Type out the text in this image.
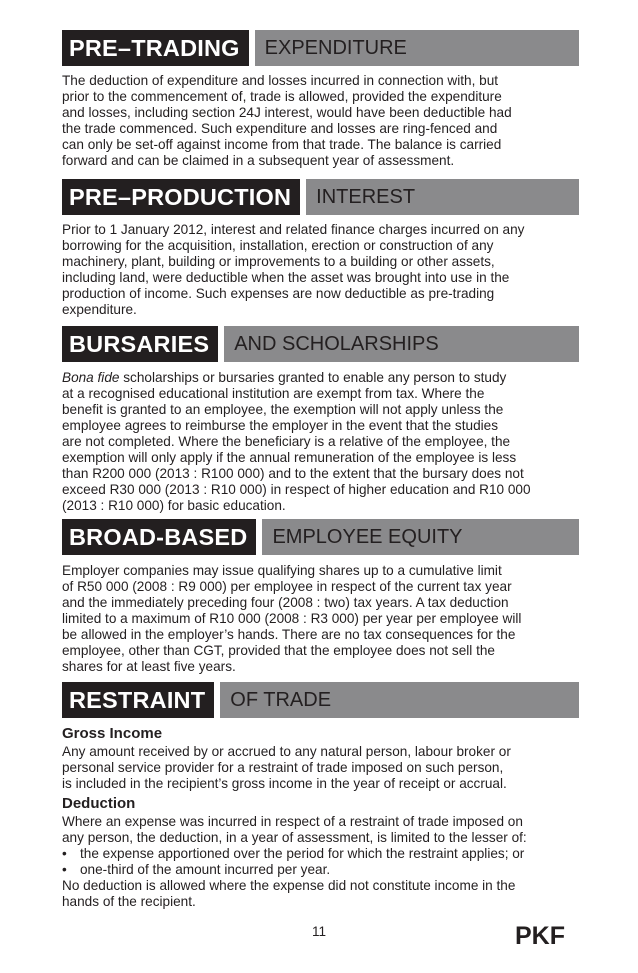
PRE–TRADING	EXPENDITURE

The deduction of expenditure and losses incurred in connection with, but
prior to the commencement of, trade is allowed, provided the expenditure
and losses, including section 24J interest, would have been deductible had
the trade commenced. Such expenditure and losses are ring-fenced and
can only be set-off against income from that trade. The balance is carried
forward and can be claimed in a subsequent year of assessment.

PRE–PRODUCTION	INTEREST

Prior to 1 January 2012, interest and related finance charges incurred on any
borrowing for the acquisition, installation, erection or construction of any
machinery, plant, building or improvements to a building or other assets,
including land, were deductible when the asset was brought into use in the
production of income. Such expenses are now deductible as pre-trading
expenditure.

BURSARIES	AND SCHOLARSHIPS

Bona fide scholarships or bursaries granted to enable any person to study
at a recognised educational institution are exempt from tax. Where the
benefit is granted to an employee, the exemption will not apply unless the
employee agrees to reimburse the employer in the event that the studies
are not completed. Where the beneficiary is a relative of the employee, the
exemption will only apply if the annual remuneration of the employee is less
than R200 000 (2013 : R100 000) and to the extent that the bursary does not
exceed R30 000 (2013 : R10 000) in respect of higher education and R10 000
(2013 : R10 000) for basic education.

BROAD-BASED	EMPLOYEE EQUITY

Employer companies may issue qualifying shares up to a cumulative limit
of R50 000 (2008 : R9 000) per employee in respect of the current tax year
and the immediately preceding four (2008 : two) tax years. A tax deduction
limited to a maximum of R10 000 (2008 : R3 000) per year per employee will
be allowed in the employer’s hands. There are no tax consequences for the
employee, other than CGT, provided that the employee does not sell the
shares for at least five years.

RESTRAINT	OF TRADE

Gross Income

Any amount received by or accrued to any natural person, labour broker or
personal service provider for a restraint of trade imposed on such person,
is included in the recipient’s gross income in the year of receipt or accrual.

Deduction

Where an expense was incurred in respect of a restraint of trade imposed on
any person, the deduction, in a year of assessment, is limited to the lesser of:
• the expense apportioned over the period for which the restraint applies; or
• one-third of the amount incurred per year.
No deduction is allowed where the expense did not constitute income in the
hands of the recipient.

11	PKF
